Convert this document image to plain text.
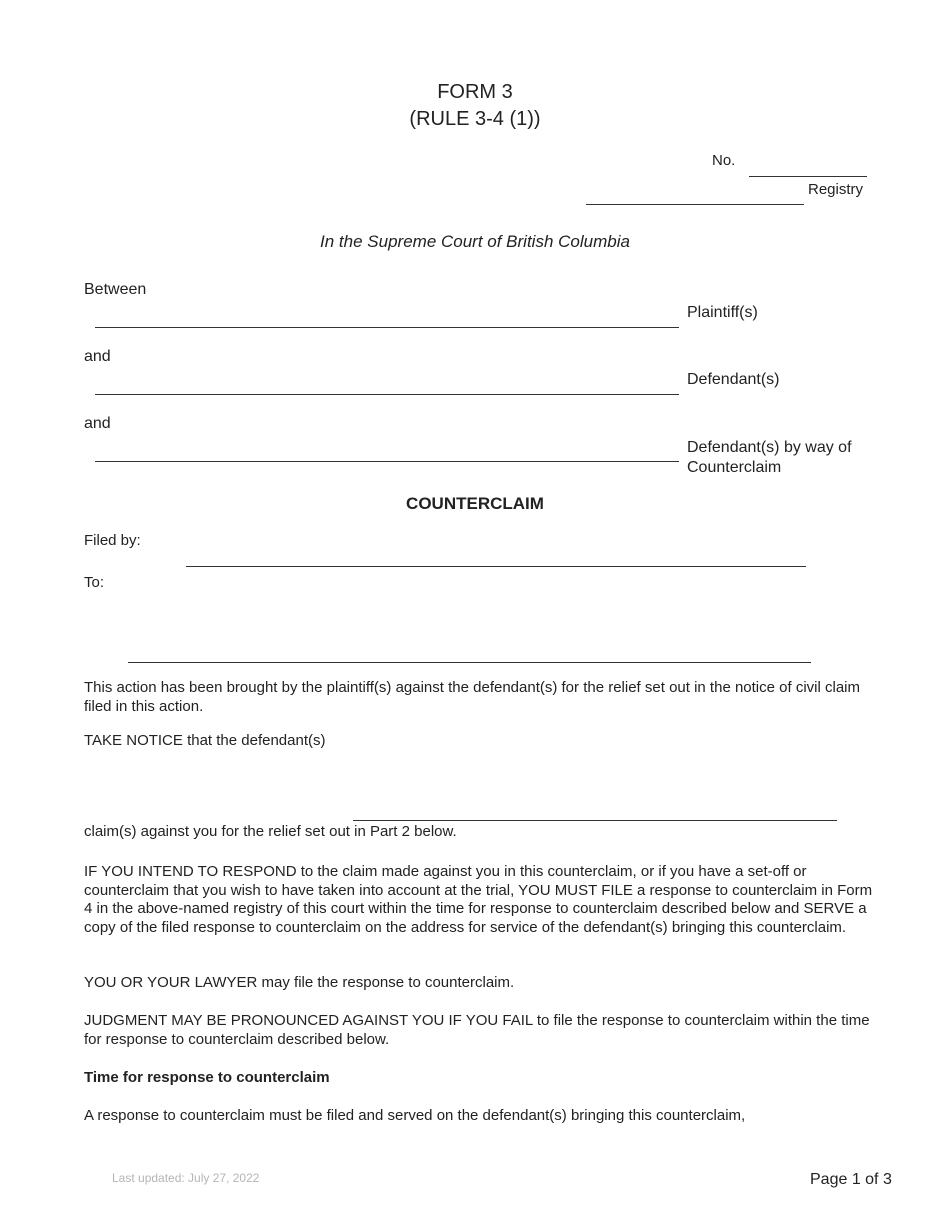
FORM 3
(RULE 3-4 (1))
No.
Registry
In the Supreme Court of British Columbia
Between
Plaintiff(s)
and
Defendant(s)
and
Defendant(s) by way of
Counterclaim
COUNTERCLAIM
Filed by:
To:
This action has been brought by the plaintiff(s) against the defendant(s) for the relief set out in the notice of civil claim filed in this action.
TAKE NOTICE that the defendant(s)
claim(s) against you for the relief set out in Part 2 below.
IF YOU INTEND TO RESPOND to the claim made against you in this counterclaim, or if you have a set-off or counterclaim that you wish to have taken into account at the trial, YOU MUST FILE a response to counterclaim in Form 4 in the above-named registry of this court within the time for response to counterclaim described below and SERVE a copy of the filed response to counterclaim on the address for service of the defendant(s) bringing this counterclaim.
YOU OR YOUR LAWYER may file the response to counterclaim.
JUDGMENT MAY BE PRONOUNCED AGAINST YOU IF YOU FAIL to file the response to counterclaim within the time for response to counterclaim described below.
Time for response to counterclaim
A response to counterclaim must be filed and served on the defendant(s) bringing this counterclaim,
Last updated: July 27, 2022	Page 1 of 3
